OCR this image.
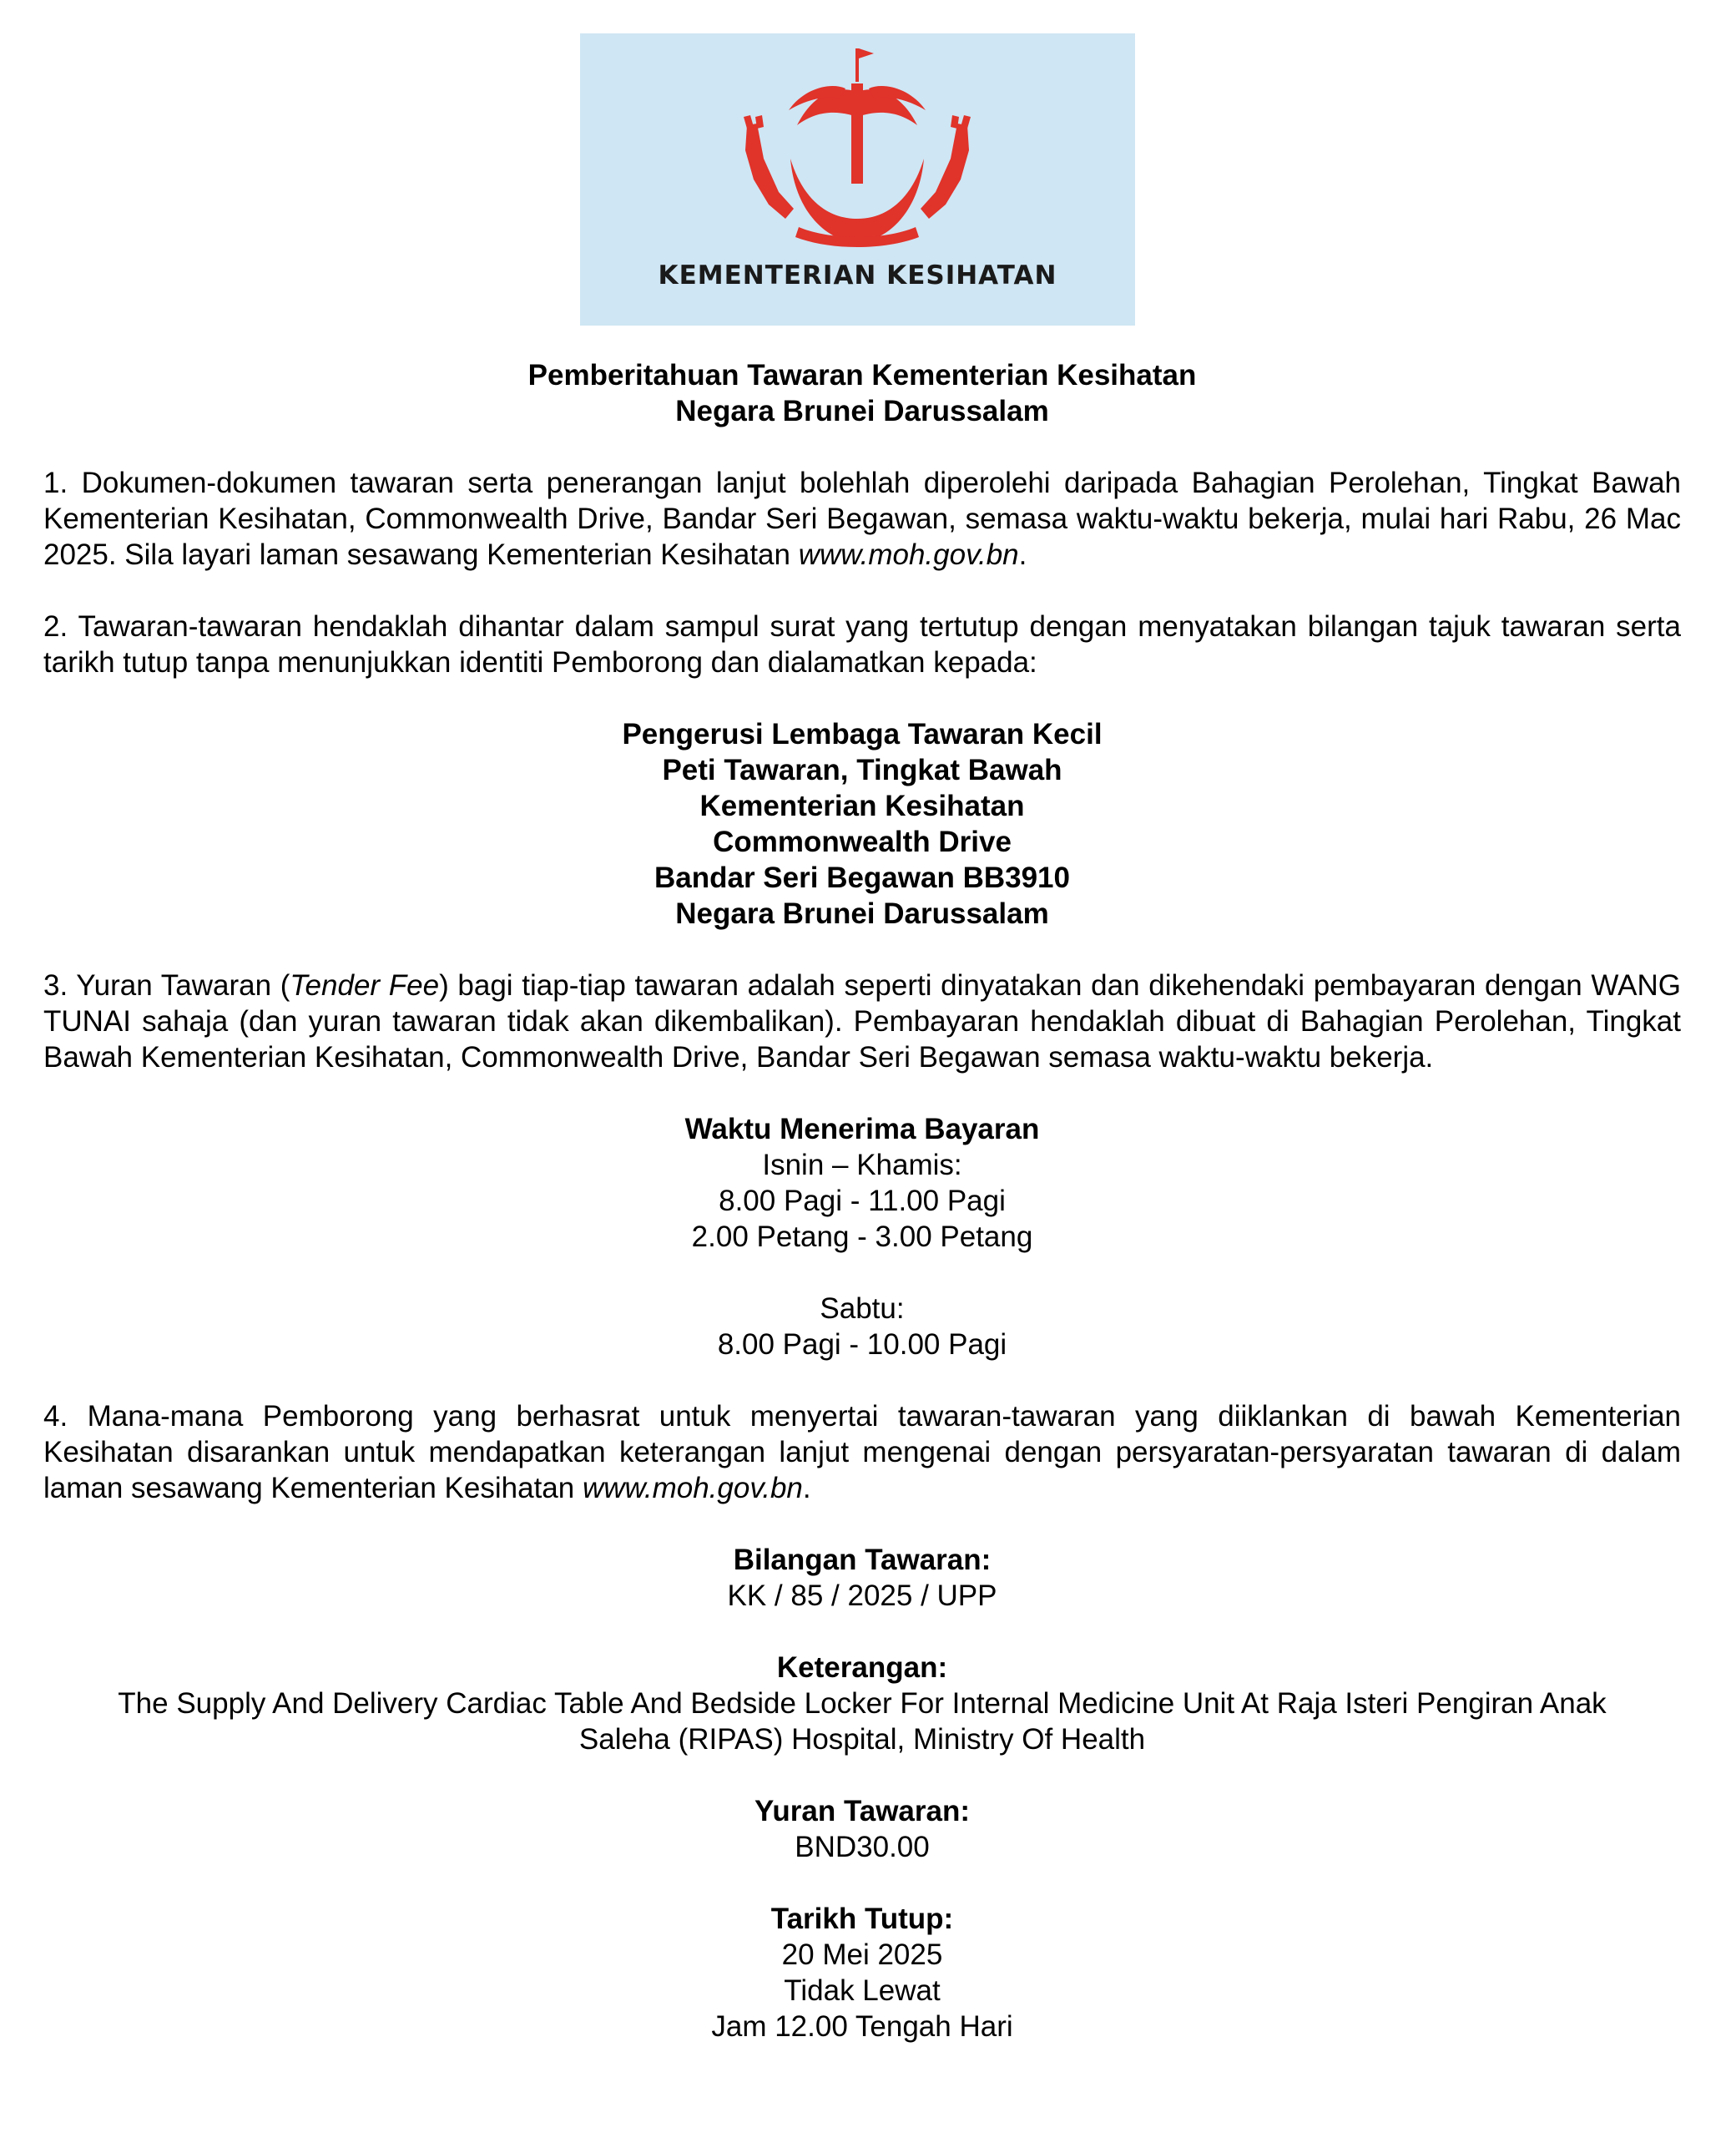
KEMENTERIAN KESIHATAN

Pemberitahuan Tawaran Kementerian Kesihatan
Negara Brunei Darussalam

1. Dokumen-dokumen tawaran serta penerangan lanjut bolehlah diperolehi daripada Bahagian Perolehan, Tingkat Bawah Kementerian Kesihatan, Commonwealth Drive, Bandar Seri Begawan, semasa waktu-waktu bekerja, mulai hari Rabu, 26 Mac 2025. Sila layari laman sesawang Kementerian Kesihatan www.moh.gov.bn.

2. Tawaran-tawaran hendaklah dihantar dalam sampul surat yang tertutup dengan menyatakan bilangan tajuk tawaran serta tarikh tutup tanpa menunjukkan identiti Pemborong dan dialamatkan kepada:

Pengerusi Lembaga Tawaran Kecil
Peti Tawaran, Tingkat Bawah
Kementerian Kesihatan
Commonwealth Drive
Bandar Seri Begawan BB3910
Negara Brunei Darussalam

3. Yuran Tawaran (Tender Fee) bagi tiap-tiap tawaran adalah seperti dinyatakan dan dikehendaki pembayaran dengan WANG TUNAI sahaja (dan yuran tawaran tidak akan dikembalikan). Pembayaran hendaklah dibuat di Bahagian Perolehan, Tingkat Bawah Kementerian Kesihatan, Commonwealth Drive, Bandar Seri Begawan semasa waktu-waktu bekerja.

Waktu Menerima Bayaran
Isnin – Khamis:
8.00 Pagi - 11.00 Pagi
2.00 Petang - 3.00 Petang

Sabtu:
8.00 Pagi - 10.00 Pagi

4. Mana-mana Pemborong yang berhasrat untuk menyertai tawaran-tawaran yang diiklankan di bawah Kementerian Kesihatan disarankan untuk mendapatkan keterangan lanjut mengenai dengan persyaratan-persyaratan tawaran di dalam laman sesawang Kementerian Kesihatan www.moh.gov.bn.

Bilangan Tawaran:
KK / 85 / 2025 / UPP

Keterangan:
The Supply And Delivery Cardiac Table And Bedside Locker For Internal Medicine Unit At Raja Isteri Pengiran Anak
Saleha (RIPAS) Hospital, Ministry Of Health

Yuran Tawaran:
BND30.00

Tarikh Tutup:
20 Mei 2025
Tidak Lewat
Jam 12.00 Tengah Hari
